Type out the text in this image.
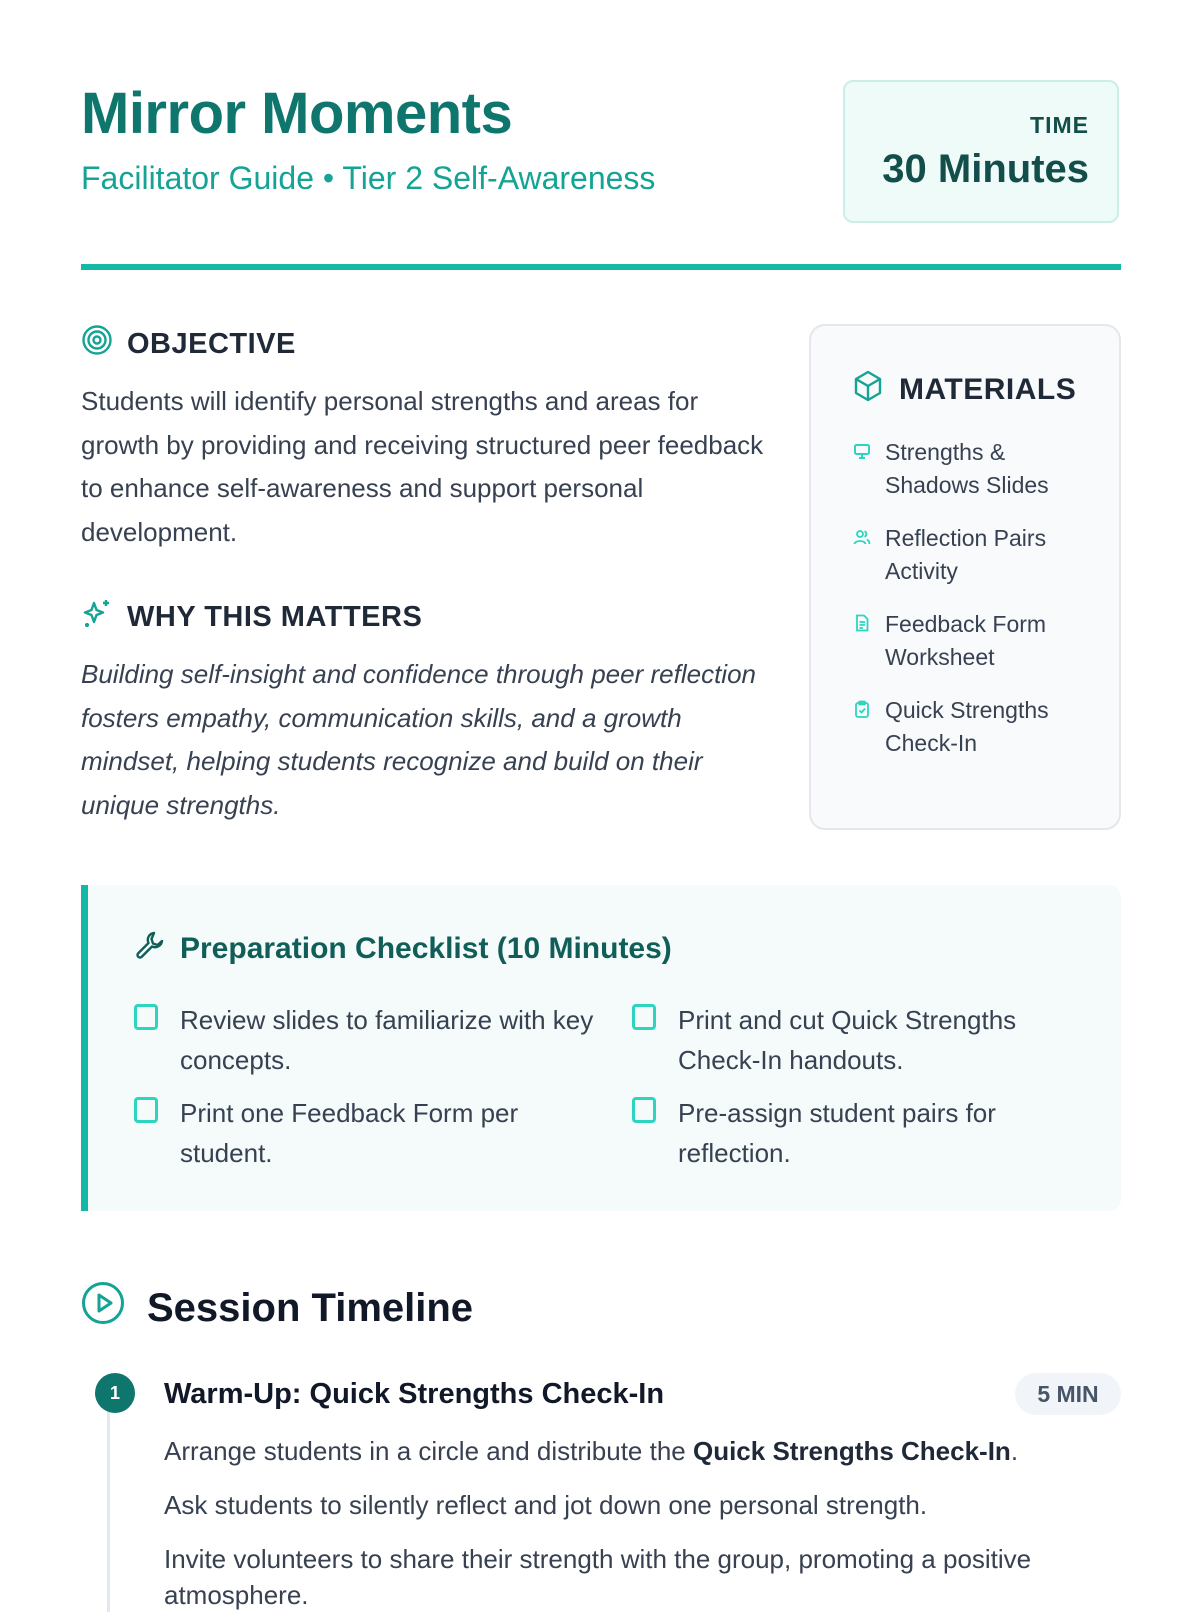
Mirror Moments

Facilitator Guide • Tier 2 Self-Awareness

TIME
30 Minutes
OBJECTIVE

Students will identify personal strengths and areas for growth by providing and receiving structured peer feedback to enhance self-awareness and support personal development.

WHY THIS MATTERS

Building self-insight and confidence through peer reflection fosters empathy, communication skills, and a growth mindset, helping students recognize and build on their unique strengths.

MATERIALS
Strengths & Shadows Slides
Reflection Pairs Activity
Feedback Form Worksheet
Quick Strengths Check-In
Preparation Checklist (10 Minutes)
Review slides to familiarize with key concepts.
Print and cut Quick Strengths Check-In handouts.
Print one Feedback Form per student.
Pre-assign student pairs for reflection.
Session Timeline
1	Warm-Up: Quick Strengths Check-In	5 MIN
Arrange students in a circle and distribute the Quick Strengths Check-In.
Ask students to silently reflect and jot down one personal strength.
Invite volunteers to share their strength with the group, promoting a positive atmosphere.
